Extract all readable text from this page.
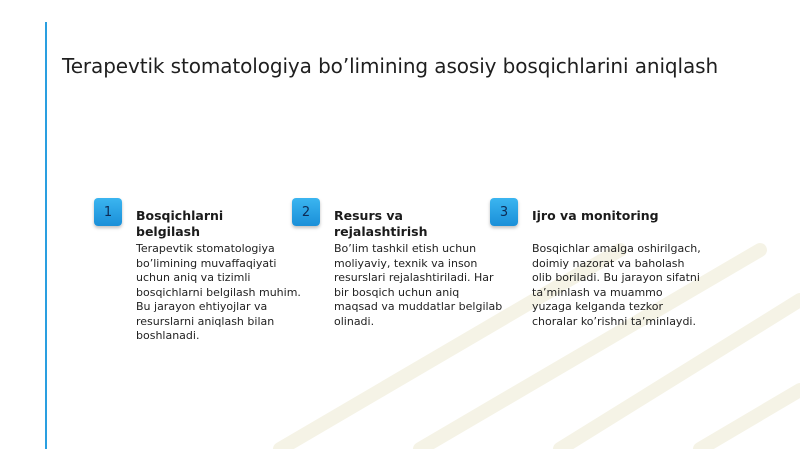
Terapevtik stomatologiya bo’limining asosiy bosqichlarini aniqlash
1	Bosqichlarni belgilash

Terapevtik stomatologiya bo’limining muvaffaqiyati uchun aniq va tizimli bosqichlarni belgilash muhim. Bu jarayon ehtiyojlar va resurslarni aniqlash bilan boshlanadi.

2	Resurs va rejalashtirish

Bo’lim tashkil etish uchun moliyaviy, texnik va inson resurslari rejalashtiriladi. Har bir bosqich uchun aniq maqsad va muddatlar belgilab olinadi.

3	Ijro va monitoring

Bosqichlar amalga oshirilgach, doimiy nazorat va baholash olib boriladi. Bu jarayon sifatni ta’minlash va muammo yuzaga kelganda tezkor choralar ko’rishni ta’minlaydi.
